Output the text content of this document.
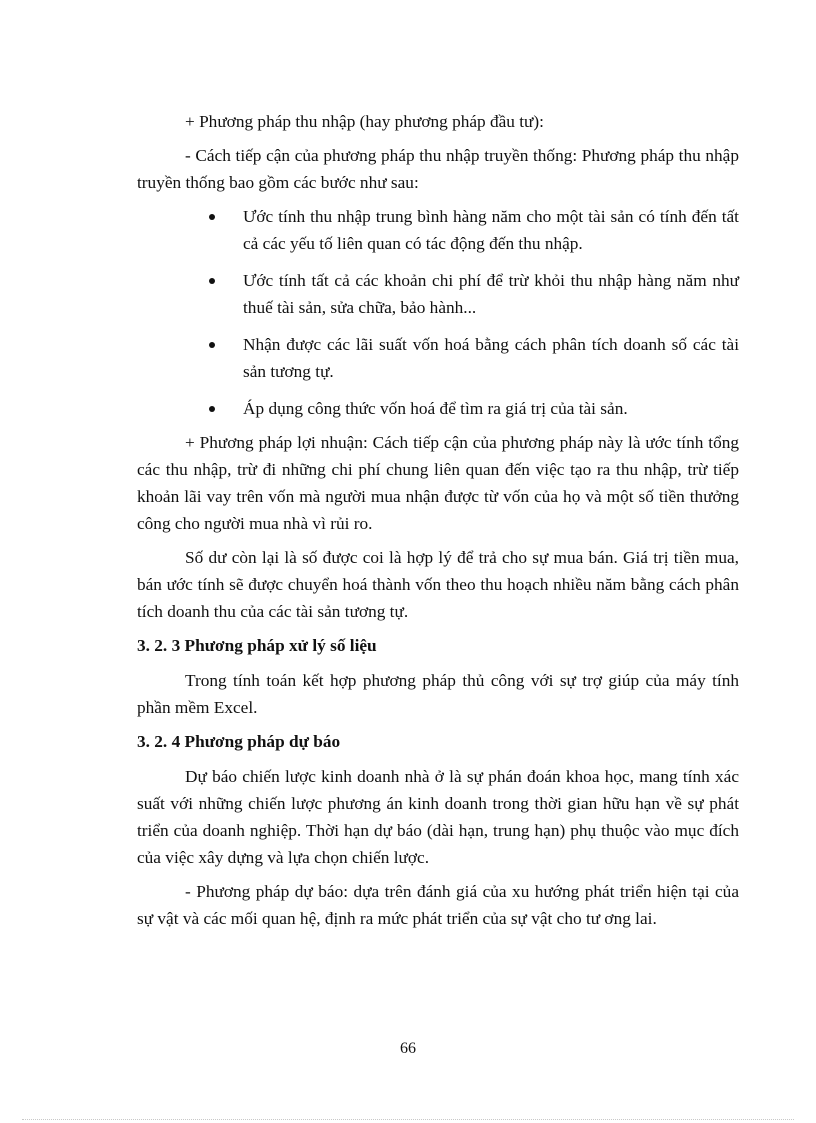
+ Phương pháp thu nhập (hay phương pháp đầu tư):

- Cách tiếp cận của phương pháp thu nhập truyền thống: Phương pháp thu nhập truyền thống bao gồm các bước như sau:

Ước tính thu nhập trung bình hàng năm cho một tài sản có tính đến tất cả các yếu tố liên quan có tác động đến thu nhập.
Ước tính tất cả các khoản chi phí để trừ khỏi thu nhập hàng năm như thuế tài sản, sửa chữa, bảo hành...
Nhận được các lãi suất vốn hoá bằng cách phân tích doanh số các tài sản tương tự.
Áp dụng công thức vốn hoá để tìm ra giá trị của tài sản.

+ Phương pháp lợi nhuận: Cách tiếp cận của phương pháp này là ước tính tổng các thu nhập, trừ đi những chi phí chung liên quan đến việc tạo ra thu nhập, trừ tiếp khoản lãi vay trên vốn mà người mua nhận được từ vốn của họ và một số tiền thưởng công cho người mua nhà vì rủi ro.

Số dư còn lại là số được coi là hợp lý để trả cho sự mua bán. Giá trị tiền mua, bán ước tính sẽ được chuyển hoá thành vốn theo thu hoạch nhiều năm bằng cách phân tích doanh thu của các tài sản tương tự.

3. 2. 3 Phương pháp xử lý số liệu

Trong tính toán kết hợp phương pháp thủ công với sự trợ giúp của máy tính phần mềm Excel.

3. 2. 4 Phương pháp dự báo

Dự báo chiến lược kinh doanh nhà ở là sự phán đoán khoa học, mang tính xác suất với những chiến lược phương án kinh doanh trong thời gian hữu hạn về sự phát triển của doanh nghiệp. Thời hạn dự báo (dài hạn, trung hạn) phụ thuộc vào mục đích của việc xây dựng và lựa chọn chiến lược.

- Phương pháp dự báo: dựa trên đánh giá của xu hướng phát triển hiện tại của sự vật và các mối quan hệ, định ra mức phát triển của sự vật cho tư ơng lai.

66
